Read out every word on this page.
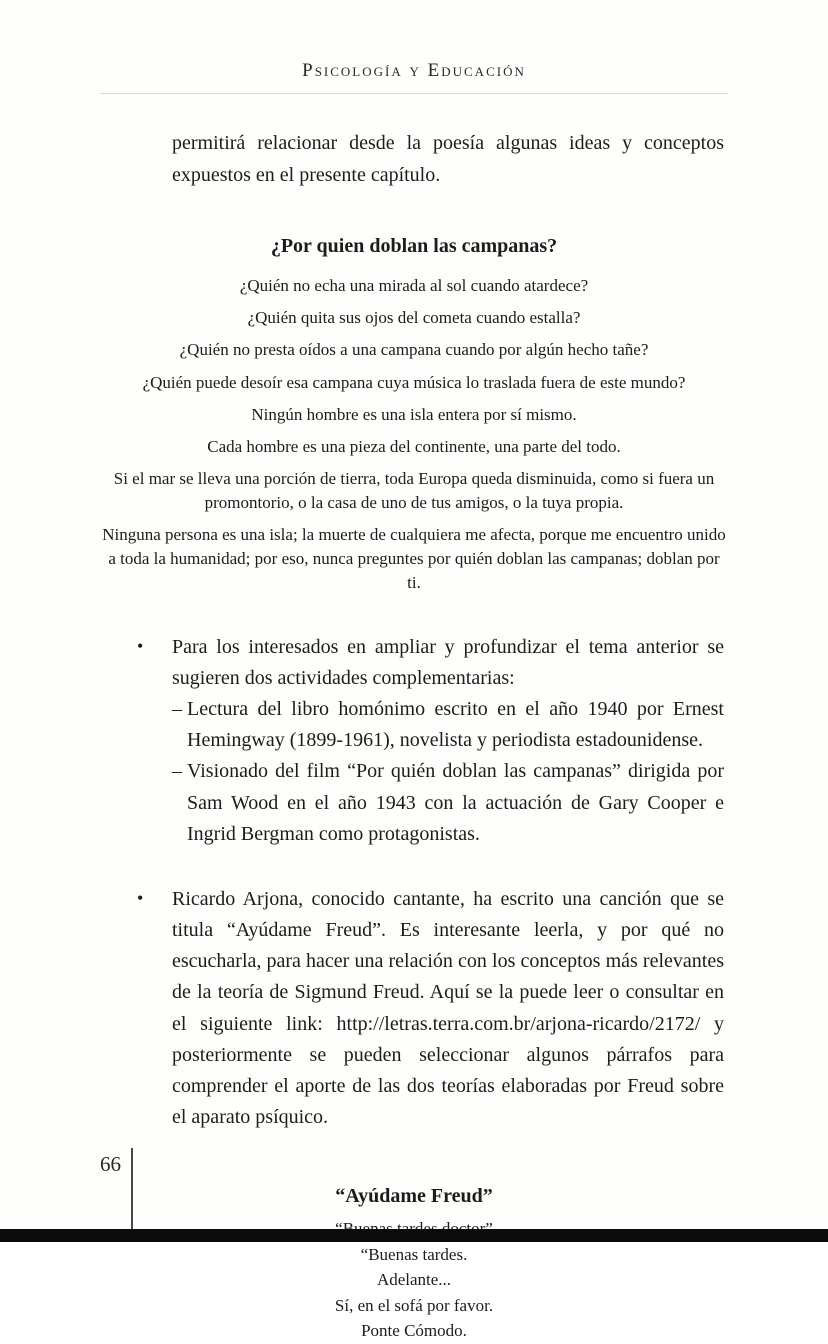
Psicología y Educación

permitirá relacionar desde la poesía algunas ideas y conceptos expuestos en el presente capítulo.

¿Por quien doblan las campanas?

¿Quién no echa una mirada al sol cuando atardece?

¿Quién quita sus ojos del cometa cuando estalla?

¿Quién no presta oídos a una campana cuando por algún hecho tañe?

¿Quién puede desoír esa campana cuya música lo traslada fuera de este mundo?

Ningún hombre es una isla entera por sí mismo.

Cada hombre es una pieza del continente, una parte del todo.

Si el mar se lleva una porción de tierra, toda Europa queda disminuida, como si fuera un promontorio, o la casa de uno de tus amigos, o la tuya propia.

Ninguna persona es una isla; la muerte de cualquiera me afecta, porque me encuentro unido a toda la humanidad; por eso, nunca preguntes por quién doblan las campanas; doblan por ti.

•	Para los interesados en ampliar y profundizar el tema anterior se sugieren dos actividades complementarias:

– Lectura del libro homónimo escrito en el año 1940 por Ernest Hemingway (1899-1961), novelista y periodista estadounidense.

– Visionado del film “Por quién doblan las campanas” dirigida por Sam Wood en el año 1943 con la actuación de Gary Cooper e Ingrid Bergman como protagonistas.

•	Ricardo Arjona, conocido cantante, ha escrito una canción que se titula “Ayúdame Freud”. Es interesante leerla, y por qué no escucharla, para hacer una relación con los conceptos más relevantes de la teoría de Sigmund Freud. Aquí se la puede leer o consultar en el siguiente link: http://letras.terra.com.br/arjona-ricardo/2172/ y posteriormente se pueden seleccionar algunos párrafos para comprender el aporte de las dos teorías elaboradas por Freud sobre el aparato psíquico.

“Ayúdame Freud”

“Buenas tardes.

Adelante...

Sí, en el sofá por favor.

Ponte Cómodo.

66
